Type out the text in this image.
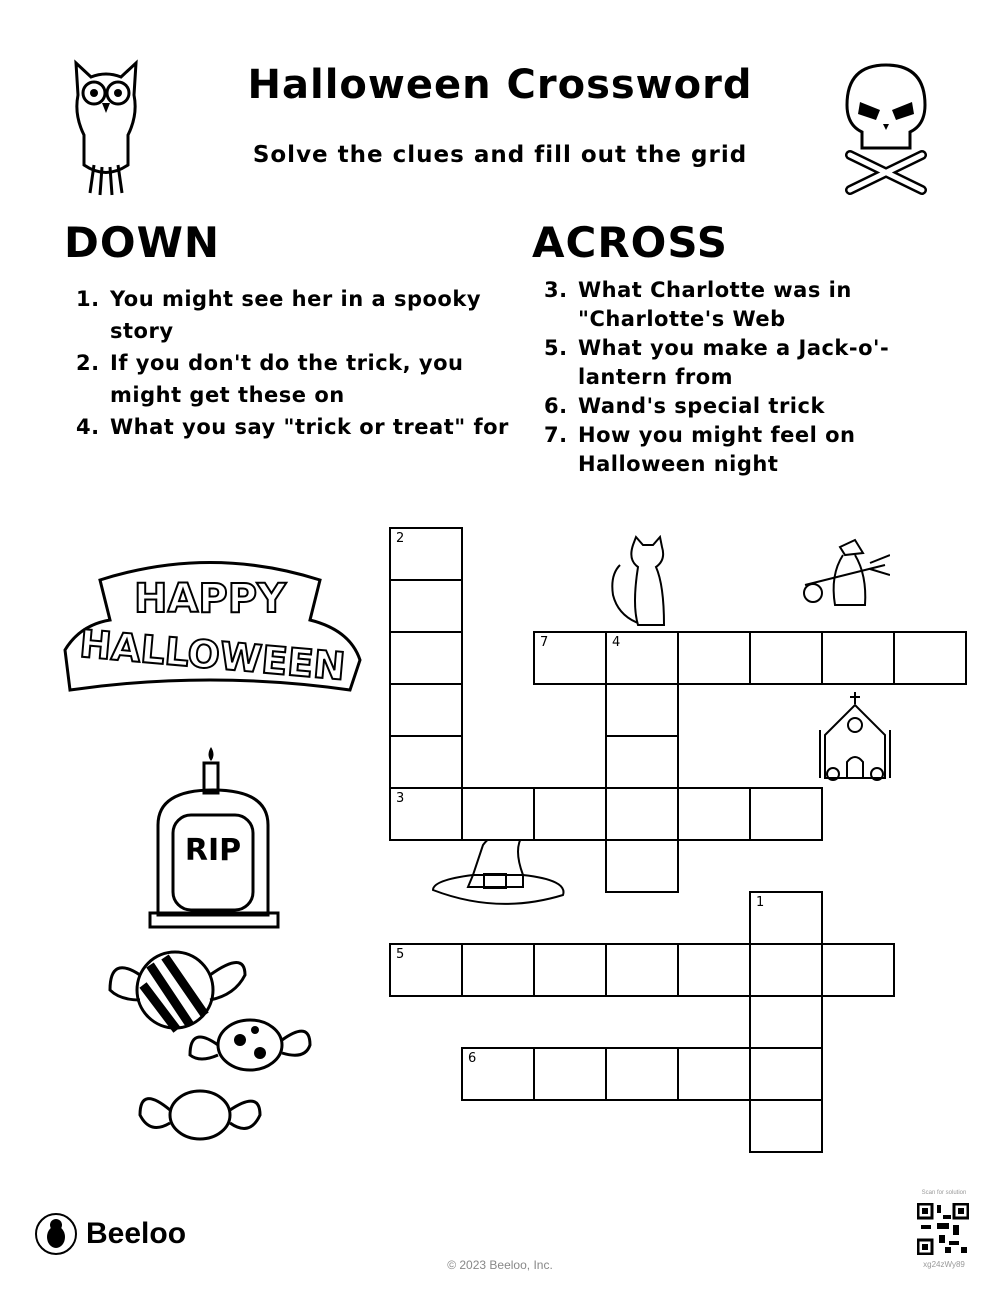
Halloween Crossword
Solve the clues and fill out the grid
DOWN	ACROSS
1. You might see her in a spooky story
2. If you don't do the trick, you might get these on
4. What you say "trick or treat" for
3. What Charlotte was in "Charlotte's Web
5. What you make a Jack-o'-lantern from
6. Wand's special trick
7. How you might feel on Halloween night
HAPPY
HALLOWEEN
RIP
2
3
7	4
1
5
6
Beeloo
© 2023 Beeloo, Inc.
Scan for solution
xg24zWy89
